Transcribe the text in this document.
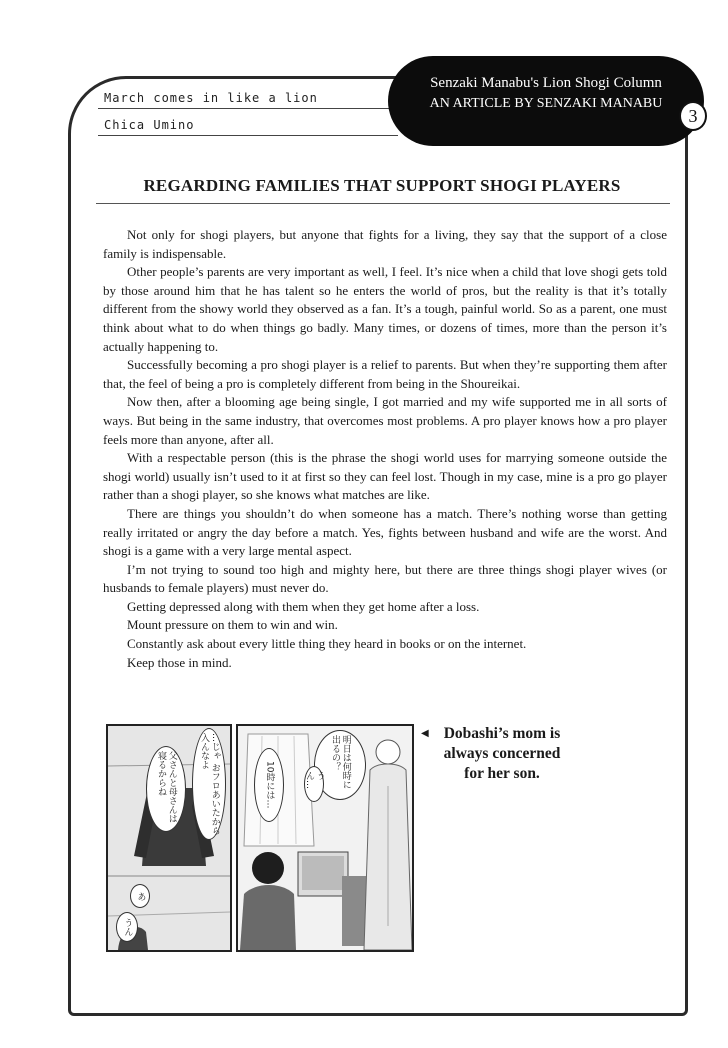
March comes in like a lion
Chica Umino
Senzaki Manabu's Lion Shogi Column
AN ARTICLE BY SENZAKI MANABU
3
REGARDING FAMILIES THAT SUPPORT SHOGI PLAYERS

Not only for shogi players, but anyone that fights for a living, they say that the support of a close family is indispensable.

Other people’s parents are very important as well, I feel. It’s nice when a child that love shogi gets told by those around him that he has talent so he enters the world of pros, but the reality is that it’s totally different from the showy world they observed as a fan. It’s a tough, painful world. So as a parent, one must think about what to do when things go badly. Many times, or dozens of times, more than the person it’s actually happening to.

Successfully becoming a pro shogi player is a relief to parents. But when they’re supporting them after that, the feel of being a pro is completely different from being in the Shoureikai.

Now then, after a blooming age being single, I got married and my wife supported me in all sorts of ways. But being in the same industry, that overcomes most problems. A pro player knows how a pro player feels more than anyone, after all.

With a respectable person (this is the phrase the shogi world uses for marrying someone outside the shogi world) usually isn’t used to it at first so they can feel lost. Though in my case, mine is a pro go player rather than a shogi player, so she knows what matches are like.

There are things you shouldn’t do when someone has a match. There’s nothing worse than getting really irritated or angry the day before a match. Yes, fights between husband and wife are the worst. And shogi is a game with a very large mental aspect.

I’m not trying to sound too high and mighty here, but there are three things shogi player wives (or husbands to female players) must never do.

Getting depressed along with them when they get home after a loss.

Mount pressure on them to win and win.

Constantly ask about every little thing they heard in books or on the internet.

Keep those in mind.

…じゃ おフロあいたから 入んなよ
父さんと母さんは 寝るからね
あ
うん
明日は何時に 出るの？
うん…
10時には…
◀ Dobashi’s mom is always concerned for her son.
